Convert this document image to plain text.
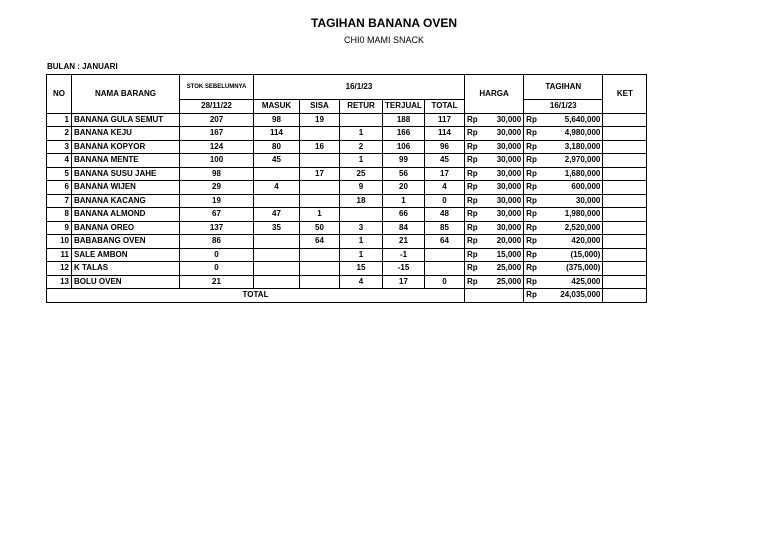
TAGIHAN BANANA OVEN
CHI0 MAMI SNACK
BULAN : JANUARI
NO	NAMA BARANG	STOK SEBELUMNYA	16/1/23					HARGA		TAGIHAN		KET
		28/11/22	MASUK	SISA	RETUR	TERJUAL	TOTAL			16/1/23		
1	BANANA GULA SEMUT	207	98	19		188	117	Rp	30,000	Rp	5,640,000	
2	BANANA KEJU	167	114		1	166	114	Rp	30,000	Rp	4,980,000	
3	BANANA KOPYOR	124	80	16	2	106	96	Rp	30,000	Rp	3,180,000	
4	BANANA MENTE	100	45		1	99	45	Rp	30,000	Rp	2,970,000	
5	BANANA SUSU JAHE	98		17	25	56	17	Rp	30,000	Rp	1,680,000	
6	BANANA WIJEN	29	4		9	20	4	Rp	30,000	Rp	600,000	
7	BANANA KACANG	19			18	1	0	Rp	30,000	Rp	30,000	
8	BANANA ALMOND	67	47	1		66	48	Rp	30,000	Rp	1,980,000	
9	BANANA OREO	137	35	50	3	84	85	Rp	30,000	Rp	2,520,000	
10	BABABANG OVEN	86		64	1	21	64	Rp	20,000	Rp	420,000	
11	SALE AMBON	0			1	-1		Rp	15,000	Rp	(15,000)	
12	K TALAS	0			15	-15		Rp	25,000	Rp	(375,000)	
13	BOLU OVEN	21			4	17	0	Rp	25,000	Rp	425,000	
TOTAL										Rp	24,035,000	
